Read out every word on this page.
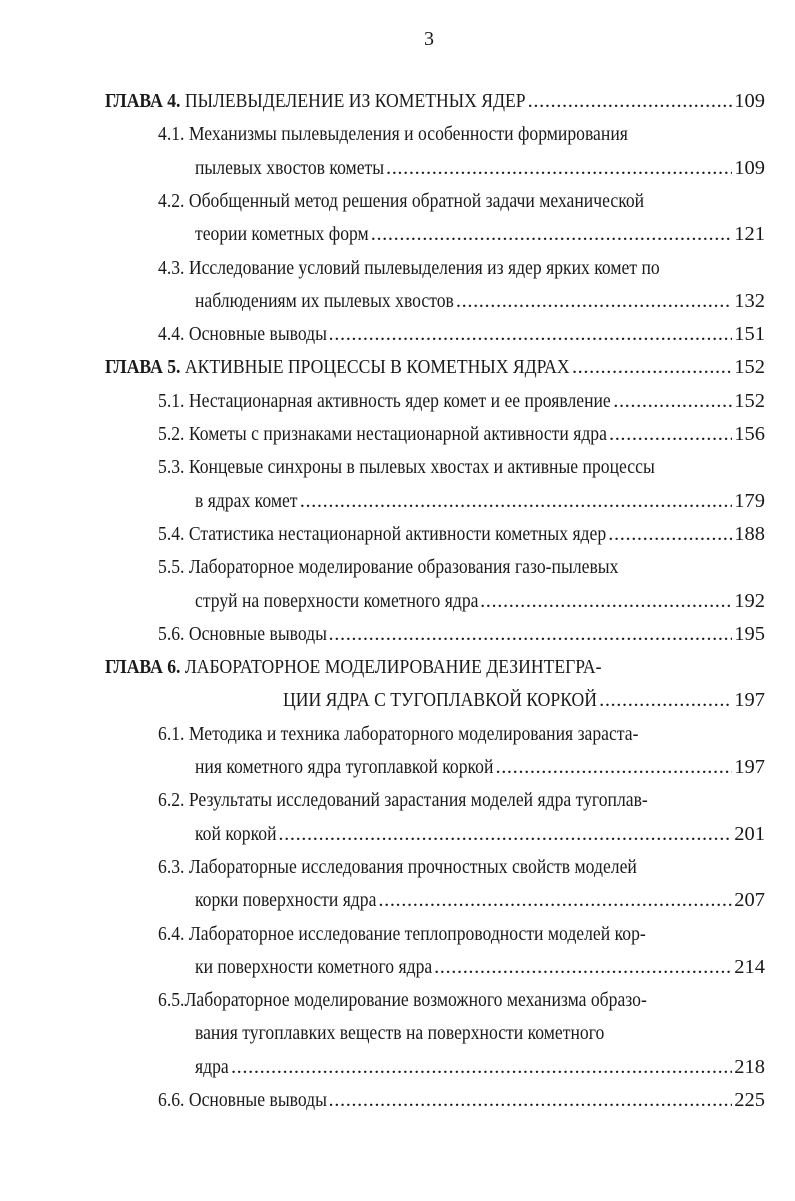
3
ГЛАВА 4. ПЫЛЕВЫДЕЛЕНИЕ ИЗ КОМЕТНЫХ ЯДЕР .....	109
4.1. Механизмы пылевыделения и особенности формирования
пылевых хвостов кометы .....	109
4.2. Обобщенный метод решения обратной задачи механической
теории кометных форм .....	121
4.3. Исследование условий пылевыделения из ядер ярких комет по
наблюдениям их пылевых хвостов .....	132
4.4. Основные выводы .....	151
ГЛАВА 5. АКТИВНЫЕ ПРОЦЕССЫ В КОМЕТНЫХ ЯДРАХ .....	152
5.1. Нестационарная активность ядер комет и ее проявление .....	152
5.2. Кометы с признаками нестационарной активности ядра .....	156
5.3. Концевые синхроны в пылевых хвостах и активные процессы
в ядрах комет .....	179
5.4. Статистика нестационарной активности кометных ядер .....	188
5.5. Лабораторное моделирование образования газо-пылевых
струй на поверхности кометного ядра .....	192
5.6. Основные выводы .....	195
ГЛАВА 6. ЛАБОРАТОРНОЕ МОДЕЛИРОВАНИЕ ДЕЗИНТЕГРА-
ЦИИ ЯДРА С ТУГОПЛАВКОЙ КОРКОЙ .....	197
6.1. Методика и техника лабораторного моделирования зараста-
ния кометного ядра тугоплавкой коркой .....	197
6.2. Результаты исследований зарастания моделей ядра тугоплав-
кой коркой .....	201
6.3. Лабораторные исследования прочностных свойств моделей
корки поверхности ядра .....	207
6.4. Лабораторное исследование теплопроводности моделей кор-
ки поверхности кометного ядра .....	214
6.5.Лабораторное моделирование возможного механизма образо-
вания тугоплавких веществ на поверхности кометного
ядра .....	218
6.6. Основные выводы .....	225
